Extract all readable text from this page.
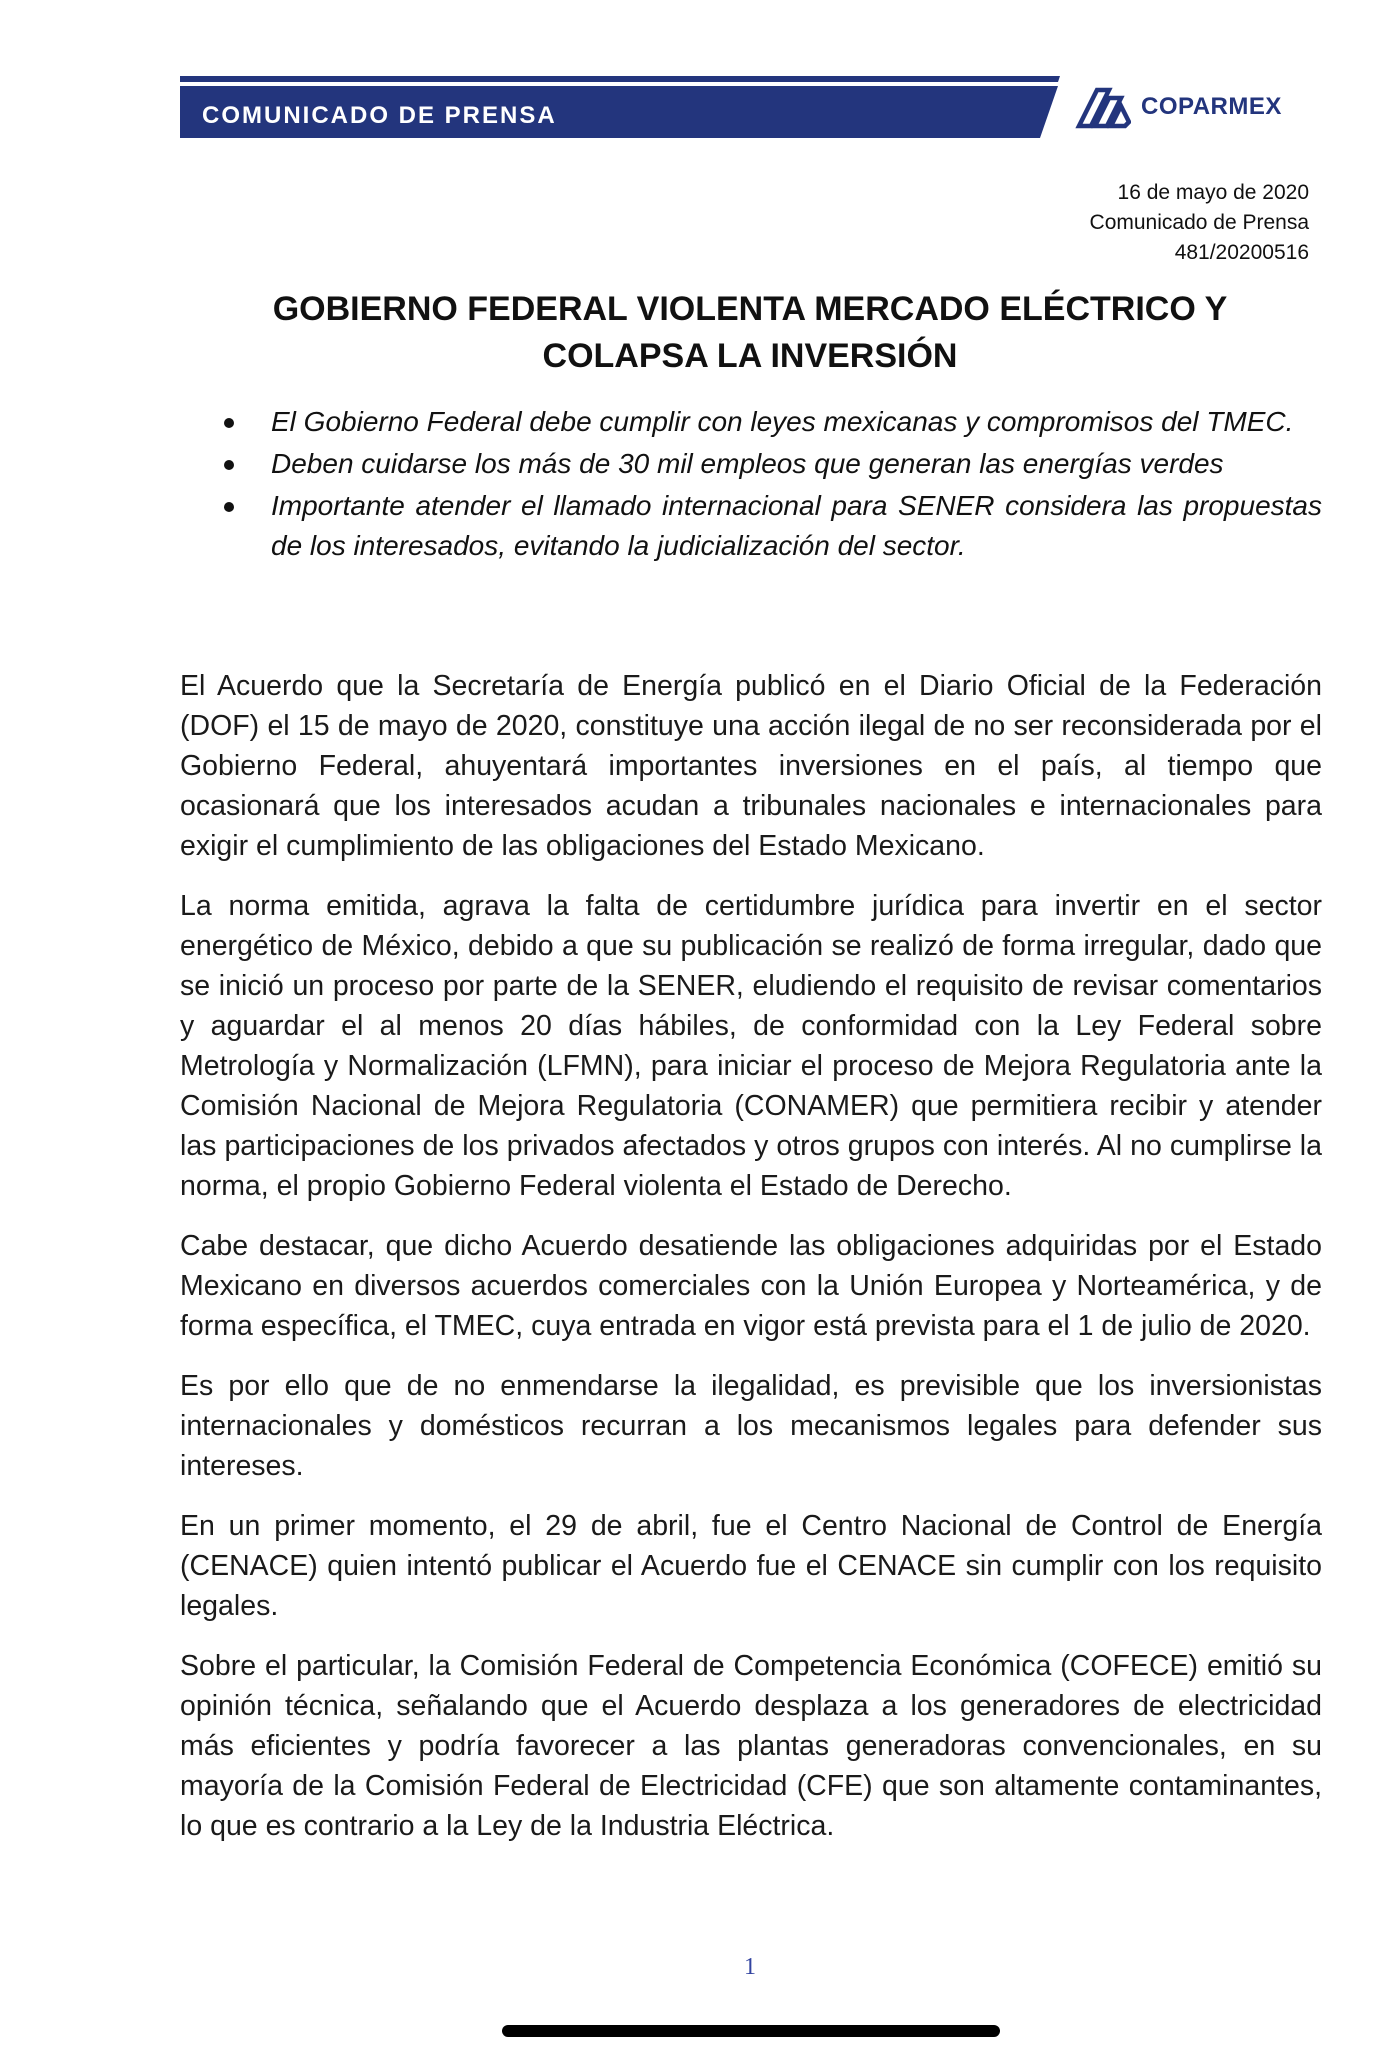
COMUNICADO DE PRENSA	COPARMEX
16 de mayo de 2020
Comunicado de Prensa
481/20200516
GOBIERNO FEDERAL VIOLENTA MERCADO ELÉCTRICO Y
COLAPSA LA INVERSIÓN
El Gobierno Federal debe cumplir con leyes mexicanas y compromisos del TMEC.
Deben cuidarse los más de 30 mil empleos que generan las energías verdes
Importante atender el llamado internacional para SENER considera las propuestas de los interesados, evitando la judicialización del sector.

El Acuerdo que la Secretaría de Energía publicó en el Diario Oficial de la Federación (DOF) el 15 de mayo de 2020, constituye una acción ilegal de no ser reconsiderada por el Gobierno Federal, ahuyentará importantes inversiones en el país, al tiempo que ocasionará que los interesados acudan a tribunales nacionales e internacionales para exigir el cumplimiento de las obligaciones del Estado Mexicano.

La norma emitida, agrava la falta de certidumbre jurídica para invertir en el sector energético de México, debido a que su publicación se realizó de forma irregular, dado que se inició un proceso por parte de la SENER, eludiendo el requisito de revisar comentarios y aguardar el al menos 20 días hábiles, de conformidad con la Ley Federal sobre Metrología y Normalización (LFMN), para iniciar el proceso de Mejora Regulatoria ante la Comisión Nacional de Mejora Regulatoria (CONAMER) que permitiera recibir y atender las participaciones de los privados afectados y otros grupos con interés. Al no cumplirse la norma, el propio Gobierno Federal violenta el Estado de Derecho.

Cabe destacar, que dicho Acuerdo desatiende las obligaciones adquiridas por el Estado Mexicano en diversos acuerdos comerciales con la Unión Europea y Norteamérica, y de forma específica, el TMEC, cuya entrada en vigor está prevista para el 1 de julio de 2020.

Es por ello que de no enmendarse la ilegalidad, es previsible que los inversionistas internacionales y domésticos recurran a los mecanismos legales para defender sus intereses.

En un primer momento, el 29 de abril, fue el Centro Nacional de Control de Energía (CENACE) quien intentó publicar el Acuerdo fue el CENACE sin cumplir con los requisito legales.

Sobre el particular, la Comisión Federal de Competencia Económica (COFECE) emitió su opinión técnica, señalando que el Acuerdo desplaza a los generadores de electricidad más eficientes y podría favorecer a las plantas generadoras convencionales, en su mayoría de la Comisión Federal de Electricidad (CFE) que son altamente contaminantes, lo que es contrario a la Ley de la Industria Eléctrica.

1
